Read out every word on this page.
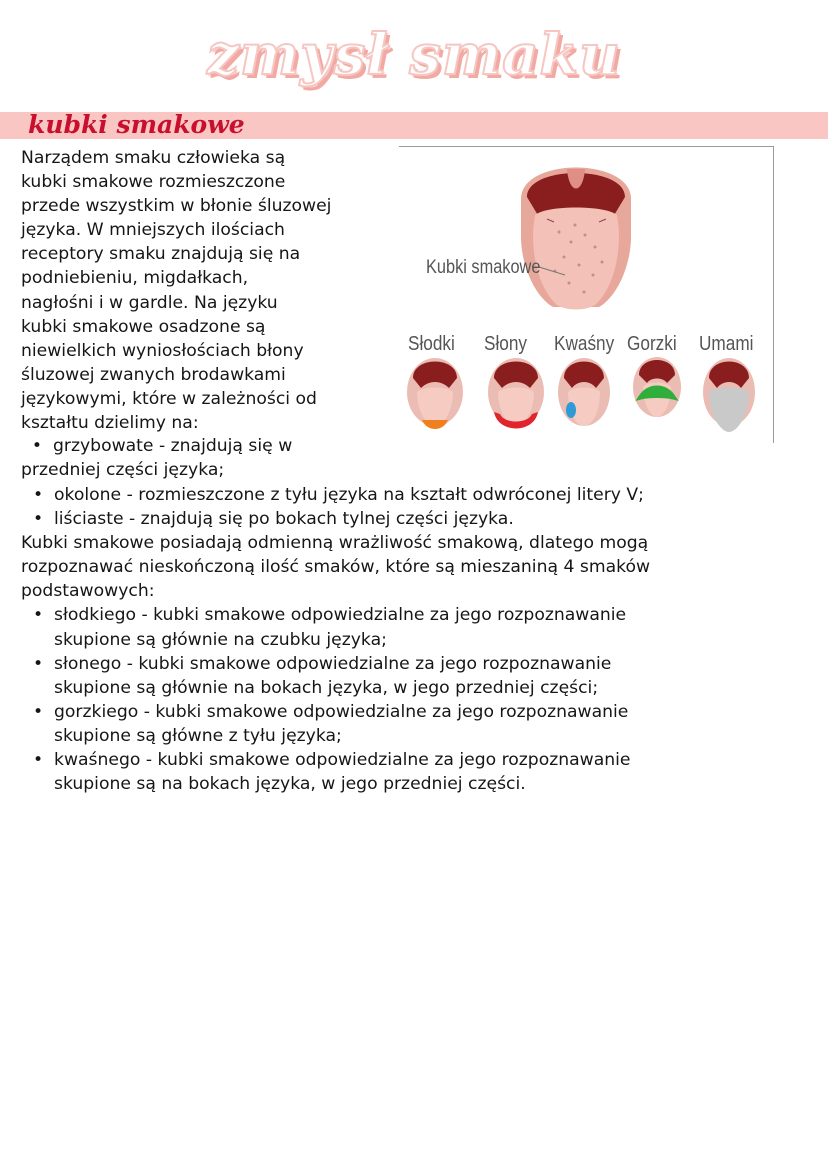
zmysł smaku
kubki smakowe
Narządem smaku człowieka są
kubki smakowe rozmieszczone
przede wszystkim w błonie śluzowej
języka. W mniejszych ilościach
receptory smaku znajdują się na
podniebieniu, migdałkach,
nagłośni i w gardle. Na języku
kubki smakowe osadzone są
niewielkich wyniosłościach błony
śluzowej zwanych brodawkami
językowymi, które w zależności od
kształtu dzielimy na:
• grzybowate - znajdują się w
przedniej części języka;
• okolone - rozmieszczone z tyłu języka na kształt odwróconej litery V;
• liściaste - znajdują się po bokach tylnej części języka.
Kubki smakowe posiadają odmienną wrażliwość smakową, dlatego mogą
rozpoznawać nieskończoną ilość smaków, które są mieszaniną 4 smaków
podstawowych:
• słodkiego - kubki smakowe odpowiedzialne za jego rozpoznawanie
skupione są głównie na czubku języka;
• słonego - kubki smakowe odpowiedzialne za jego rozpoznawanie
skupione są głównie na bokach języka, w jego przedniej części;
• gorzkiego - kubki smakowe odpowiedzialne za jego rozpoznawanie
skupione są główne z tyłu języka;
• kwaśnego - kubki smakowe odpowiedzialne za jego rozpoznawanie
skupione są na bokach języka, w jego przedniej części.
Kubki smakowe
Słodki Słony Kwaśny Gorzki Umami
